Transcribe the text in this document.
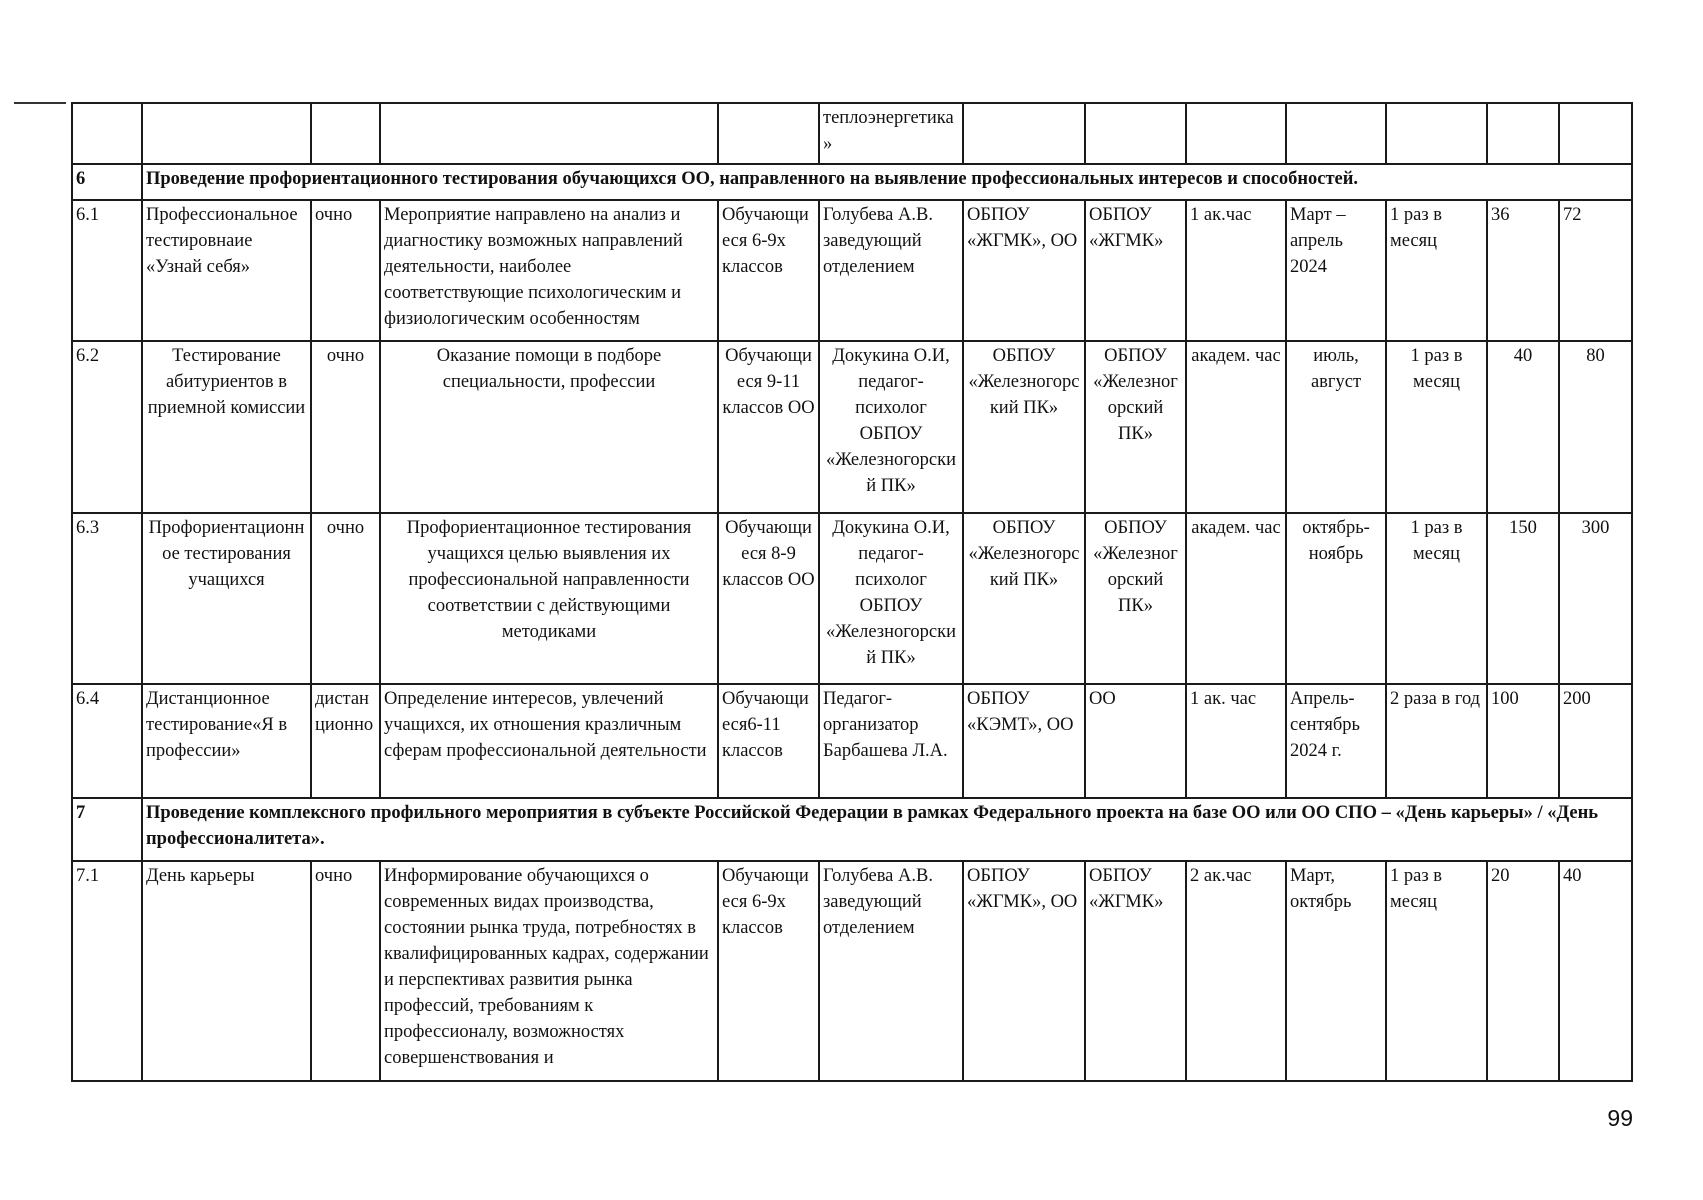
					теплоэнергетика»							
6	Проведение профориентационного тестирования обучающихся ОО, направленного на выявление профессиональных интересов и способностей.											
6.1	Профессиональное тестировнаие «Узнай себя»	очно	Мероприятие направлено на анализ и диагностику возможных направлений деятельности, наиболее соответствующие психологическим и физиологическим особенностям	Обучающиеся 6-9х классов	Голубева А.В. заведующий отделением	ОБПОУ «ЖГМК», ОО	ОБПОУ «ЖГМК»	1 ак.час	Март –апрель 2024	1 раз в месяц	36	72
6.2	Тестирование абитуриентов в приемной комиссии	очно	Оказание помощи в подборе специальности, профессии	Обучающиеся 9-11 классов ОО	Докукина О.И, педагог-психолог ОБПОУ «Железногорский ПК»	ОБПОУ «Железногорский ПК»	ОБПОУ «Железногорский ПК»	академ. час	июль, август	1 раз в месяц	40	80
6.3	Профориентационное тестирования учащихся	очно	Профориентационное тестирования учащихся целью выявления их профессиональной направленности соответствии с действующими методиками	Обучающиеся 8-9 классов ОО	Докукина О.И, педагог-психолог ОБПОУ «Железногорский ПК»	ОБПОУ «Железногорский ПК»	ОБПОУ «Железногорский ПК»	академ. час	октябрь-ноябрь	1 раз в месяц	150	300
6.4	Дистанционное тестирование«Я в профессии»	дистанционно	Определение интересов, увлечений учащихся, их отношения кразличным сферам профессиональной деятельности	Обучающиеся6-11 классов	Педагог-организатор Барбашева Л.А.	ОБПОУ «КЭМТ», ОО	ОО	1 ак. час	Апрель-сентябрь 2024 г.	2 раза в год	100	200
7	Проведение комплексного профильного мероприятия в субъекте Российской Федерации в рамках Федерального проекта на базе ОО или ОО СПО – «День карьеры» / «День профессионалитета».											
7.1	День карьеры	очно	Информирование обучающихся о современных видах производства, состоянии рынка труда, потребностях в квалифицированных кадрах, содержании и перспективах развития рынка профессий, требованиям к профессионалу, возможностях совершенствования и	Обучающиеся 6-9х классов	Голубева А.В. заведующий отделением	ОБПОУ «ЖГМК», ОО	ОБПОУ «ЖГМК»	2 ак.час	Март, октябрь	1 раз в месяц	20	40
99
